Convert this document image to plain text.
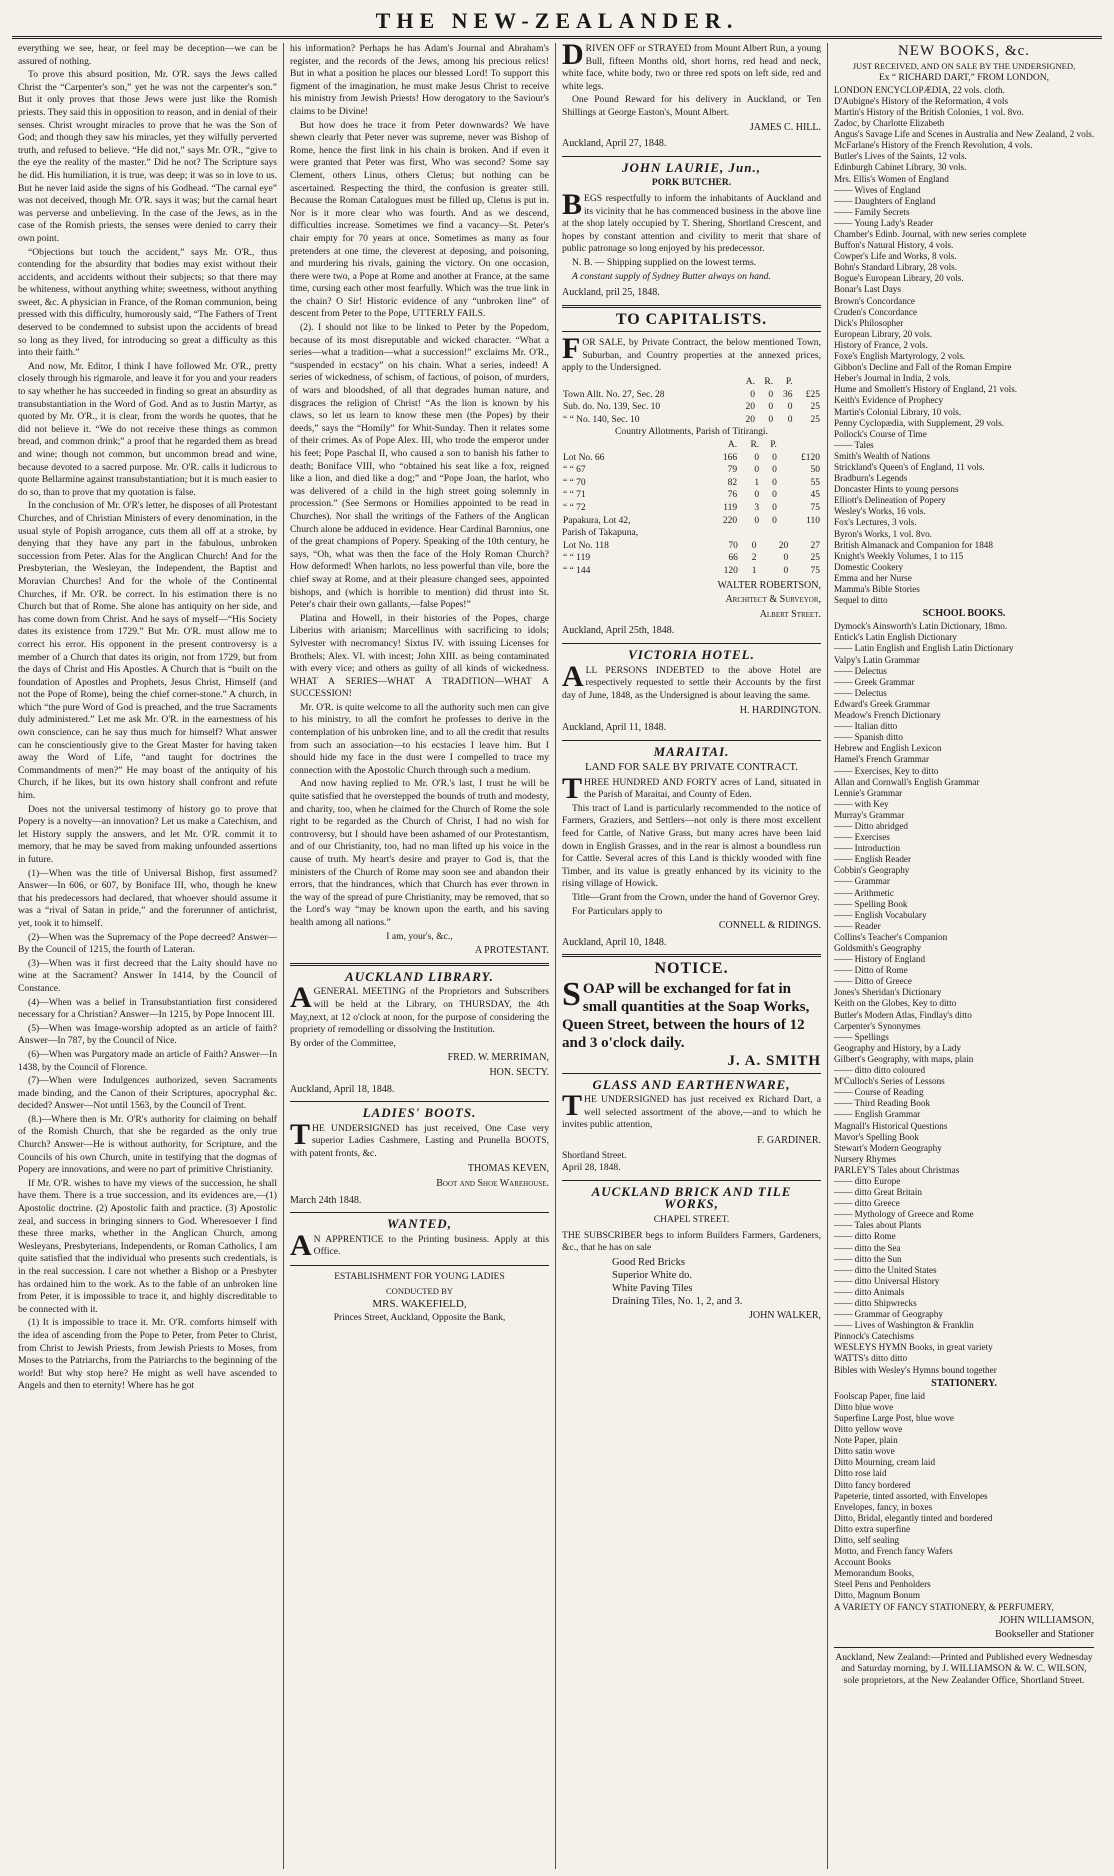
THE NEW-ZEALANDER.

everything we see, hear, or feel may be deception—we can be assured of nothing.

To prove this absurd position, Mr. O'R. says the Jews called Christ the “Carpenter's son,” yet he was not the carpenter's son.” But it only proves that those Jews were just like the Romish priests. They said this in opposition to reason, and in denial of their senses. Christ wrought miracles to prove that he was the Son of God; and though they saw his miracles, yet they wilfully perverted truth, and refused to believe. “He did not,” says Mr. O'R., “give to the eye the reality of the master.” Did he not? The Scripture says he did. His humiliation, it is true, was deep; it was so in love to us. But he never laid aside the signs of his Godhead. “The carnal eye” was not deceived, though Mr. O'R. says it was; but the carnal heart was perverse and unbelieving. In the case of the Jews, as in the case of the Romish priests, the senses were denied to carry their own point.

“Objections but touch the accident,” says Mr. O'R., thus contending for the absurdity that bodies may exist without their accidents, and accidents without their subjects; so that there may be whiteness, without anything white; sweetness, without anything sweet, &c. A physician in France, of the Roman communion, being pressed with this difficulty, humorously said, “The Fathers of Trent deserved to be condemned to subsist upon the accidents of bread so long as they lived, for introducing so great a difficulty as this into their faith.”

And now, Mr. Editor, I think I have followed Mr. O'R., pretty closely through his rigmarole, and leave it for you and your readers to say whether he has succeeded in finding so great an absurdity as transubstantiation in the Word of God. And as to Justin Martyr, as quoted by Mr. O'R., it is clear, from the words he quotes, that he did not believe it. “We do not receive these things as common bread, and common drink;” a proof that he regarded them as bread and wine; though not common, but uncommon bread and wine, because devoted to a sacred purpose. Mr. O'R. calls it ludicrous to quote Bellarmine against transubstantiation; but it is much easier to do so, than to prove that my quotation is false.

In the conclusion of Mr. O'R's letter, he disposes of all Protestant Churches, and of Christian Ministers of every denomination, in the usual style of Popish arrogance, cuts them all off at a stroke, by denying that they have any part in the fabulous, unbroken succession from Peter. Alas for the Anglican Church! And for the Presbyterian, the Wesleyan, the Independent, the Baptist and Moravian Churches! And for the whole of the Continental Churches, if Mr. O'R. be correct. In his estimation there is no Church but that of Rome. She alone has antiquity on her side, and has come down from Christ. And he says of myself—“His Society dates its existence from 1729.” But Mr. O'R. must allow me to correct his error. His opponent in the present controversy is a member of a Church that dates its origin, not from 1729, but from the days of Christ and His Apostles. A Church that is “built on the foundation of Apostles and Prophets, Jesus Christ, Himself (and not the Pope of Rome), being the chief corner-stone.” A church, in which “the pure Word of God is preached, and the true Sacraments duly administered.” Let me ask Mr. O'R. in the earnestness of his own conscience, can he say thus much for himself? What answer can he conscientiously give to the Great Master for having taken away the Word of Life, “and taught for doctrines the Commandments of men?” He may boast of the antiquity of his Church, if he likes, but its own history shall confront and refute him.

Does not the universal testimony of history go to prove that Popery is a novelty—an innovation? Let us make a Catechism, and let History supply the answers, and let Mr. O'R. commit it to memory, that he may be saved from making unfounded assertions in future.

(1)—When was the title of Universal Bishop, first assumed? Answer—In 606, or 607, by Boniface III, who, though he knew that his predecessors had declared, that whoever should assume it was a “rival of Satan in pride,” and the forerunner of antichrist, yet, took it to himself.

(2)—When was the Supremacy of the Pope decreed? Answer—By the Council of 1215, the fourth of Lateran.

(3)—When was it first decreed that the Laity should have no wine at the Sacrament? Answer In 1414, by the Council of Constance.

(4)—When was a belief in Transubstantiation first considered necessary for a Christian? Answer—In 1215, by Pope Innocent III.

(5)—When was Image-worship adopted as an article of faith? Answer—In 787, by the Council of Nice.

(6)—When was Purgatory made an article of Faith? Answer—In 1438, by the Council of Florence.

(7)—When were Indulgences authorized, seven Sacraments made binding, and the Canon of their Scriptures, apocryphal &c. decided? Answer—Not until 1563, by the Council of Trent.

(8.)—Where then is Mr. O'R's authority for claiming on behalf of the Romish Church, that she be regarded as the only true Church? Answer—He is without authority, for Scripture, and the Councils of his own Church, unite in testifying that the dogmas of Popery are innovations, and were no part of primitive Christianity.

If Mr. O'R. wishes to have my views of the succession, he shall have them. There is a true succession, and its evidences are,—(1) Apostolic doctrine. (2) Apostolic faith and practice. (3) Apostolic zeal, and success in bringing sinners to God. Wheresoever I find these three marks, whether in the Anglican Church, among Wesleyans, Presbyterians, Independents, or Roman Catholics, I am quite satisfied that the individual who presents such credentials, is in the real succession. I care not whether a Bishop or a Presbyter has ordained him to the work. As to the fable of an unbroken line from Peter, it is impossible to trace it, and highly discreditable to be connected with it.

(1) It is impossible to trace it. Mr. O'R. comforts himself with the idea of ascending from the Pope to Peter, from Peter to Christ, from Christ to Jewish Priests, from Jewish Priests to Moses, from Moses to the Patriarchs, from the Patriarchs to the beginning of the world! But why stop here? He might as well have ascended to Angels and then to eternity! Where has he got

his information? Perhaps he has Adam's Journal and Abraham's register, and the records of the Jews, among his precious relics! But in what a position he places our blessed Lord! To support this figment of the imagination, he must make Jesus Christ to receive his ministry from Jewish Priests! How derogatory to the Saviour's claims to be Divine!

But how does he trace it from Peter downwards? We have shewn clearly that Peter never was supreme, never was Bishop of Rome, hence the first link in his chain is broken. And if even it were granted that Peter was first, Who was second? Some say Clement, others Linus, others Cletus; but nothing can be ascertained. Respecting the third, the confusion is greater still. Because the Roman Catalogues must be filled up, Cletus is put in. Nor is it more clear who was fourth. And as we descend, difficulties increase. Sometimes we find a vacancy—St. Peter's chair empty for 70 years at once. Sometimes as many as four pretenders at one time, the cleverest at deposing, and poisoning, and murdering his rivals, gaining the victory. On one occasion, there were two, a Pope at Rome and another at France, at the same time, cursing each other most fearfully. Which was the true link in the chain? O Sir! Historic evidence of any “unbroken line” of descent from Peter to the Pope, UTTERLY FAILS.

(2). I should not like to be linked to Peter by the Popedom, because of its most disreputable and wicked character. “What a series—what a tradition—what a succession!” exclaims Mr. O'R., “suspended in ecstacy” on his chain. What a series, indeed! A series of wickedness, of schism, of factious, of poison, of murders, of wars and bloodshed, of all that degrades human nature, and disgraces the religion of Christ! “As the lion is known by his claws, so let us learn to know these men (the Popes) by their deeds,” says the “Homily” for Whit-Sunday. Then it relates some of their crimes. As of Pope Alex. III, who trode the emperor under his feet; Pope Paschal II, who caused a son to banish his father to death; Boniface VIII, who “obtained his seat like a fox, reigned like a lion, and died like a dog;” and “Pope Joan, the harlot, who was delivered of a child in the high street going solemnly in procession.” (See Sermons or Homilies appointed to be read in Churches). Nor shall the writings of the Fathers of the Anglican Church alone be adduced in evidence. Hear Cardinal Baronius, one of the great champions of Popery. Speaking of the 10th century, he says, “Oh, what was then the face of the Holy Roman Church? How deformed! When harlots, no less powerful than vile, bore the chief sway at Rome, and at their pleasure changed sees, appointed bishops, and (which is horrible to mention) did thrust into St. Peter's chair their own gallants,—false Popes!”

Platina and Howell, in their histories of the Popes, charge Liberius with arianism; Marcellinus with sacrificing to idols; Sylvester with necromancy! Sixtus IV. with issuing Licenses for Brothels; Alex. VI. with incest; John XIII. as being contaminated with every vice; and others as guilty of all kinds of wickedness. WHAT A SERIES—WHAT A TRADITION—WHAT A SUCCESSION!

Mr. O'R. is quite welcome to all the authority such men can give to his ministry, to all the comfort he professes to derive in the contemplation of his unbroken line, and to all the credit that results from such an association—to his ecstacies I leave him. But I should hide my face in the dust were I compelled to trace my connection with the Apostolic Church through such a medium.

And now having replied to Mr. O'R.'s last, I trust he will be quite satisfied that he overstepped the bounds of truth and modesty, and charity, too, when he claimed for the Church of Rome the sole right to be regarded as the Church of Christ, I had no wish for controversy, but I should have been ashamed of our Protestantism, and of our Christianity, too, had no man lifted up his voice in the cause of truth. My heart's desire and prayer to God is, that the ministers of the Church of Rome may soon see and abandon their errors, that the hindrances, which that Church has ever thrown in the way of the spread of pure Christianity, may be removed, that so the Lord's way “may be known upon the earth, and his saving health among all nations.”

I am, your's, &c.,
A PROTESTANT.
AUCKLAND LIBRARY.

AGENERAL MEETING of the Proprietors and Subscribers will be held at the Library, on THURSDAY, the 4th May,next, at 12 o'clock at noon, for the purpose of considering the propriety of remodelling or dissolving the Institution.

By order of the Committee,
FRED. W. MERRIMAN,
HON. SECTY.
Auckland, April 18, 1848.
LADIES' BOOTS.

THE UNDERSIGNED has just received, One Case very superior Ladies Cashmere, Lasting and Prunella BOOTS, with patent fronts, &c.

THOMAS KEVEN,
Boot and Shoe Warehouse.
March 24th 1848.
WANTED,

A N APPRENTICE to the Printing business. Apply at this Office.

ESTABLISHMENT FOR YOUNG LADIES
CONDUCTED BY
MRS. WAKEFIELD,
Princes Street, Auckland, Opposite the Bank,

DRIVEN OFF or STRAYED from Mount Albert Run, a young Bull, fifteen Months old, short horns, red head and neck, white face, white body, two or three red spots on left side, red and white legs.

One Pound Reward for his delivery in Auckland, or Ten Shillings at George Easton's, Mount Albert.

JAMES C. HILL.
Auckland, April 27, 1848.
JOHN LAURIE, Jun.,
PORK BUTCHER.

BEGS respectfully to inform the inhabitants of Auckland and its vicinity that he has commenced business in the above line at the shop lately occupied by T. Shering, Shortland Crescent, and hopes by constant attention and civility to merit that share of public patronage so long enjoyed by his predecessor.

N. B. — Shipping supplied on the lowest terms.

A constant supply of Sydney Butter always on hand.

Auckland, pril 25, 1848.
TO CAPITALISTS.

FOR SALE, by Private Contract, the below mentioned Town, Suburban, and Country properties at the annexed prices, apply to the Undersigned.

	A.	R.	P.	
Town Allt. No. 27, Sec. 28	0	0	36	£25
Sub. do. No. 139, Sec. 10	20	0	0	25
“ “ No. 140, Sec. 10	20	0	0	25
Country Allotments, Parish of Titirangi.
	A.	R.	P.	
Lot No. 66	166	0	0	£120
“ “ 67	79	0	0	50
“ “ 70	82	1	0	55
“ “ 71	76	0	0	45
“ “ 72	119	3	0	75
Papakura, Lot 42,	220	0	0	110
Parish of Takapuna,
Lot No. 118	70	0	20	27
“ “ 119	66	2	0	25
“ “ 144	120	1	0	75
WALTER ROBERTSON,
Architect & Surveyor,
Albert Street.
Auckland, April 25th, 1848.
VICTORIA HOTEL.

ALL PERSONS INDEBTED to the above Hotel are respectively requested to settle their Accounts by the first day of June, 1848, as the Undersigned is about leaving the same.

H. HARDINGTON.
Auckland, April 11, 1848.
MARAITAI.
LAND FOR SALE BY PRIVATE CONTRACT.

THREE HUNDRED AND FORTY acres of Land, situated in the Parish of Maraitai, and County of Eden.

This tract of Land is particularly recommended to the notice of Farmers, Graziers, and Settlers—not only is there most excellent feed for Cattle, of Native Grass, but many acres have been laid down in English Grasses, and in the rear is almost a boundless run for Cattle. Several acres of this Land is thickly wooded with fine Timber, and its value is greatly enhanced by its vicinity to the rising village of Howick.

Title—Grant from the Crown, under the hand of Governor Grey.

For Particulars apply to

CONNELL & RIDINGS.
Auckland, April 10, 1848.
NOTICE.

SOAP will be exchanged for fat in small quantities at the Soap Works, Queen Street, between the hours of 12 and 3 o'clock daily.

J. A. SMITH
GLASS AND EARTHENWARE,

THE UNDERSIGNED has just received ex Richard Dart, a well selected assortment of the above,—and to which he invites public attention,

F. GARDINER.
Shortland Street.
April 28, 1848.
AUCKLAND BRICK AND TILE
WORKS,
CHAPEL STREET.

THE SUBSCRIBER begs to inform Builders Farmers, Gardeners, &c., that he has on sale

Good Red Bricks
Superior White do.
White Paving Tiles
Draining Tiles, No. 1, 2, and 3.
JOHN WALKER,
NEW BOOKS, &c.
JUST RECEIVED, AND ON SALE BY THE UNDERSIGNED,
Ex “ RICHARD DART,” FROM LONDON,
LONDON ENCYCLOPÆDIA, 22 vols. cloth.
D'Aubigne's History of the Reformation, 4 vols
Martin's History of the British Colonies, 1 vol. 8vo.
Zadoc, by Charlotte Elizabeth
Angus's Savage Life and Scenes in Australia and New Zealand, 2 vols.
McFarlane's History of the French Revolution, 4 vols.
Butler's Lives of the Saints, 12 vols.
Edinburgh Cabinet Library, 30 vols.
Mrs. Ellis's Women of England
—— Wives of England
—— Daughters of England
—— Family Secrets
—— Young Lady's Reader
Chamber's Edinb. Journal, with new series complete
Buffon's Natural History, 4 vols.
Cowper's Life and Works, 8 vols.
Bohn's Standard Library, 28 vols.
Bogue's European Library, 20 vols.
Bonar's Last Days
Brown's Concordance
Cruden's Concordance
Dick's Philosopher
European Library, 20 vols.
History of France, 2 vols.
Foxe's English Martyrology, 2 vols.
Gibbon's Decline and Fall of the Roman Empire
Heber's Journal in India, 2 vols.
Hume and Smollett's History of England, 21 vols.
Keith's Evidence of Prophecy
Martin's Colonial Library, 10 vols.
Penny Cyclopædia, with Supplement, 29 vols.
Pollock's Course of Time
—— Tales
Smith's Wealth of Nations
Strickland's Queen's of England, 11 vols.
Bradburn's Legends
Doncaster Hints to young persons
Elliott's Delineation of Popery
Wesley's Works, 16 vols.
Fox's Lectures, 3 vols.
Byron's Works, 1 vol. 8vo.
British Almanack and Companion for 1848
Knight's Weekly Volumes, 1 to 115
Domestic Cookery
Emma and her Nurse
Mamma's Bible Stories
Sequel to ditto
SCHOOL BOOKS.
Dymock's Ainsworth's Latin Dictionary, 18mo.
Entick's Latin English Dictionary
—— Latin English and English Latin Dictionary
Valpy's Latin Grammar
—— Delectus
—— Greek Grammar
—— Delectus
Edward's Greek Grammar
Meadow's French Dictionary
—— Italian ditto
—— Spanish ditto
Hebrew and English Lexicon
Hamel's French Grammar
—— Exercises, Key to ditto
Allan and Cornwall's English Grammar
Lennie's Grammar
—— with Key
Murray's Grammar
—— Ditto abridged
—— Exercises
—— Introduction
—— English Reader
Cobbin's Geography
—— Grammar
—— Arithmetic
—— Spelling Book
—— English Vocabulary
—— Reader
Collins's Teacher's Companion
Goldsmith's Geography
—— History of England
—— Ditto of Rome
—— Ditto of Greece
Jones's Sheridan's Dictionary
Keith on the Globes, Key to ditto
Butler's Modern Atlas, Findlay's ditto
Carpenter's Synonymes
—— Spellings
Geography and History, by a Lady
Gilbert's Geography, with maps, plain
—— ditto ditto coloured
M'Culloch's Series of Lessons
—— Course of Reading
—— Third Reading Book
—— English Grammar
Magnall's Historical Questions
Mavor's Spelling Book
Stewart's Modern Geography
Nursery Rhymes
PARLEY'S Tales about Christmas
—— ditto Europe
—— ditto Great Britain
—— ditto Greece
—— Mythology of Greece and Rome
—— Tales about Plants
—— ditto Rome
—— ditto the Sea
—— ditto the Sun
—— ditto the United States
—— ditto Universal History
—— ditto Animals
—— ditto Shipwrecks
—— Grammar of Geography
—— Lives of Washington & Franklin
Pinnock's Catechisms
WESLEYS HYMN Books, in great variety
WATTS's ditto ditto
Bibles with Wesley's Hymns bound together
STATIONERY.
Foolscap Paper, fine laid
Ditto blue wove
Superfine Large Post, blue wove
Ditto yellow wove
Note Paper, plain
Ditto satin wove
Ditto Mourning, cream laid
Ditto rose laid
Ditto fancy bordered
Papeterie, tinted assorted, with Envelopes
Envelopes, fancy, in boxes
Ditto, Bridal, elegantly tinted and bordered
Ditto extra superfine
Ditto, self sealing
Motto, and French fancy Wafers
Account Books
Memorandum Books,
Steel Pens and Penholders
Ditto, Magnum Bonum
A VARIETY OF FANCY STATIONERY, & PERFUMERY,
JOHN WILLIAMSON,
Bookseller and Stationer
Auckland, New Zealand:—Printed and Published every Wednesday and Saturday morning, by J. WILLIAMSON & W. C. WILSON, sole proprietors, at the New Zealander Office, Shortland Street.
